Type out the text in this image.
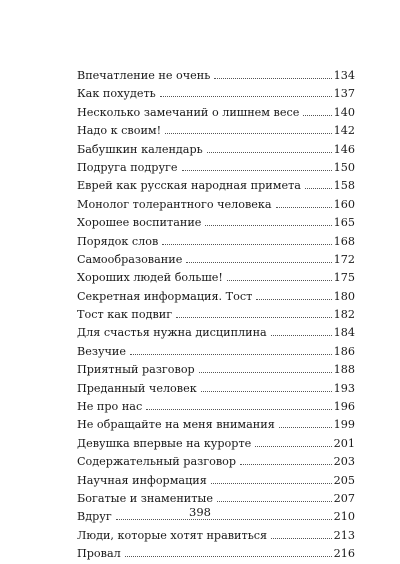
Впечатление не очень	134
Как похудеть	137
Несколько замечаний о лишнем весе	140
Надо к своим!	142
Бабушкин календарь	146
Подруга подруге	150
Еврей как русская народная примета	158
Монолог толерантного человека	160
Хорошее воспитание	165
Порядок слов	168
Самообразование	172
Хороших людей больше!	175
Секретная информация. Тост	180
Тост как подвиг	182
Для счастья нужна дисциплина	184
Везучие	186
Приятный разговор	188
Преданный человек	193
Не про нас	196
Не обращайте на меня внимания	199
Девушка впервые на курорте	201
Содержательный разговор	203
Научная информация	205
Богатые и знаменитые	207
Вдруг	210
Люди, которые хотят нравиться	213
Провал	216
398
